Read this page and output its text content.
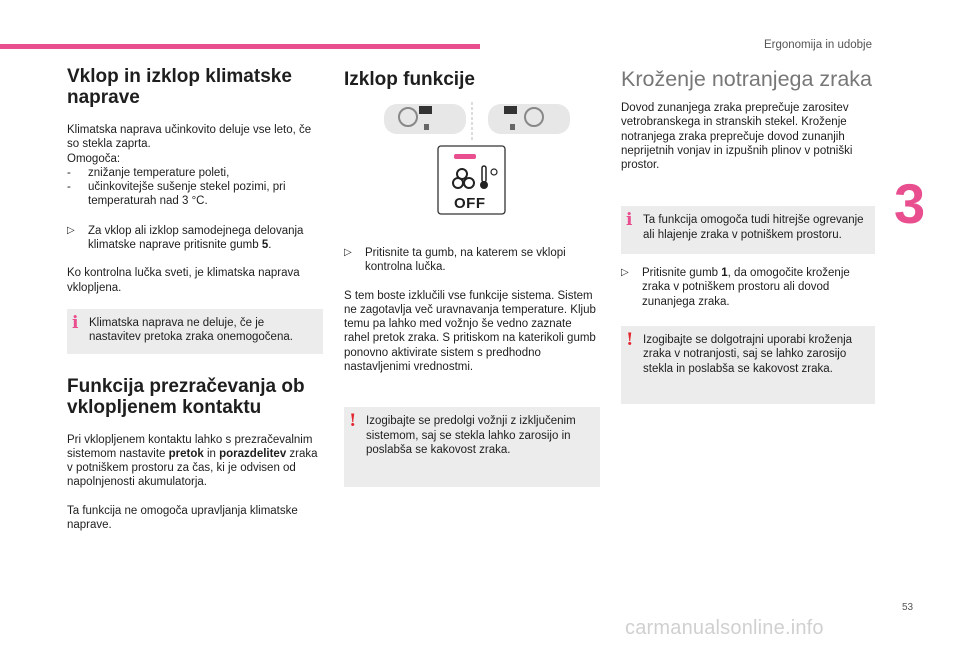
Ergonomija in udobje
3
53
carmanualsonline.info
Vklop in izklop klimatske naprave

Klimatska naprava učinkovito deluje vse leto, če so stekla zaprta.

Omogoča:

- znižanje temperature poleti,
- učinkovitejše sušenje stekel pozimi, pri temperaturah nad 3 °C.
▷ Za vklop ali izklop samodejnega delovanja klimatske naprave pritisnite gumb 5.

Ko kontrolna lučka sveti, je klimatska naprava vklopljena.

i Klimatska naprava ne deluje, če je nastavitev pretoka zraka onemogočena.
Funkcija prezračevanja ob vklopljenem kontaktu

Pri vklopljenem kontaktu lahko s prezračevalnim sistemom nastavite pretok in porazdelitev zraka v potniškem prostoru za čas, ki je odvisen od napolnjenosti akumulatorja.

Ta funkcija ne omogoča upravljanja klimatske naprave.

Izklop funkcije
OFF
▷ Pritisnite ta gumb, na katerem se vklopi kontrolna lučka.

S tem boste izklučili vse funkcije sistema. Sistem ne zagotavlja več uravnavanja temperature. Kljub temu pa lahko med vožnjo še vedno zaznate rahel pretok zraka. S pritiskom na katerikoli gumb ponovno aktivirate sistem s predhodno nastavljenimi vrednostmi.

! Izogibajte se predolgi vožnji z izključenim sistemom, saj se stekla lahko zarosijo in poslabša se kakovost zraka.
Kroženje notranjega zraka

Dovod zunanjega zraka preprečuje zarositev vetrobranskega in stranskih stekel. Kroženje notranjega zraka preprečuje dovod zunanjih neprijetnih vonjav in izpušnih plinov v potniški prostor.

i Ta funkcija omogoča tudi hitrejše ogrevanje ali hlajenje zraka v potniškem prostoru.
▷ Pritisnite gumb 1, da omogočite kroženje zraka v potniškem prostoru ali dovod zunanjega zraka.
! Izogibajte se dolgotrajni uporabi kroženja zraka v notranjosti, saj se lahko zarosijo stekla in poslabša se kakovost zraka.
